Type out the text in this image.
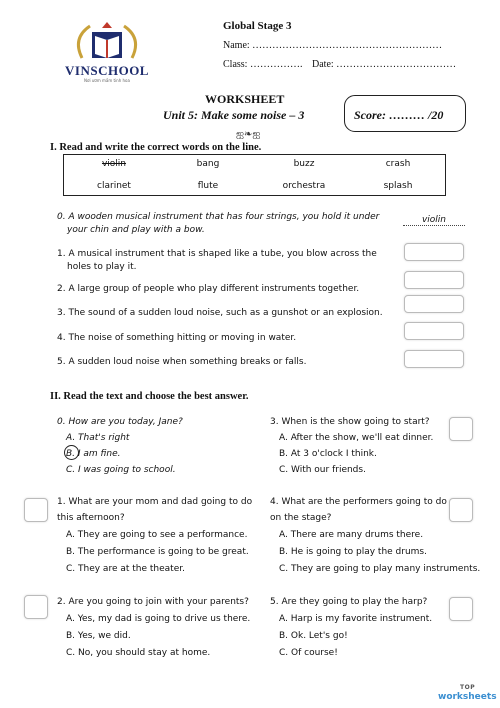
VINSCHOOL
Nơi ươm mầm tinh hoa
Global Stage 3
Name: …………………………………………………
Class: ……………. Date: ………………………………
WORKSHEET
Unit 5: Make some noise – 3	Score: ……… /20
ஐ❧ஐ
I. Read and write the correct words on the line.
violin	bang	buzz	crash
clarinet	flute	orchestra	splash
0. A wooden musical instrument that has four strings, you hold it under
your chin and play with a bow.
violin
1. A musical instrument that is shaped like a tube, you blow across the
holes to play it.
2. A large group of people who play different instruments together.
3. The sound of a sudden loud noise, such as a gunshot or an explosion.
4. The noise of something hitting or moving in water.
5. A sudden loud noise when something breaks or falls.
II. Read the text and choose the best answer.
0. How are you today, Jane?
A. That's right
B. I am fine.
C. I was going to school.
3. When is the show going to start?
A. After the show, we'll eat dinner.
B. At 3 o'clock I think.
C. With our friends.
1. What are your mom and dad going to do
this afternoon?
A. They are going to see a performance.
B. The performance is going to be great.
C. They are at the theater.
4. What are the performers going to do
on the stage?
A. There are many drums there.
B. He is going to play the drums.
C. They are going to play many instruments.
2. Are you going to join with your parents?
A. Yes, my dad is going to drive us there.
B. Yes, we did.
C. No, you should stay at home.
5. Are they going to play the harp?
A. Harp is my favorite instrument.
B. Ok. Let's go!
C. Of course!
TOP
worksheets
